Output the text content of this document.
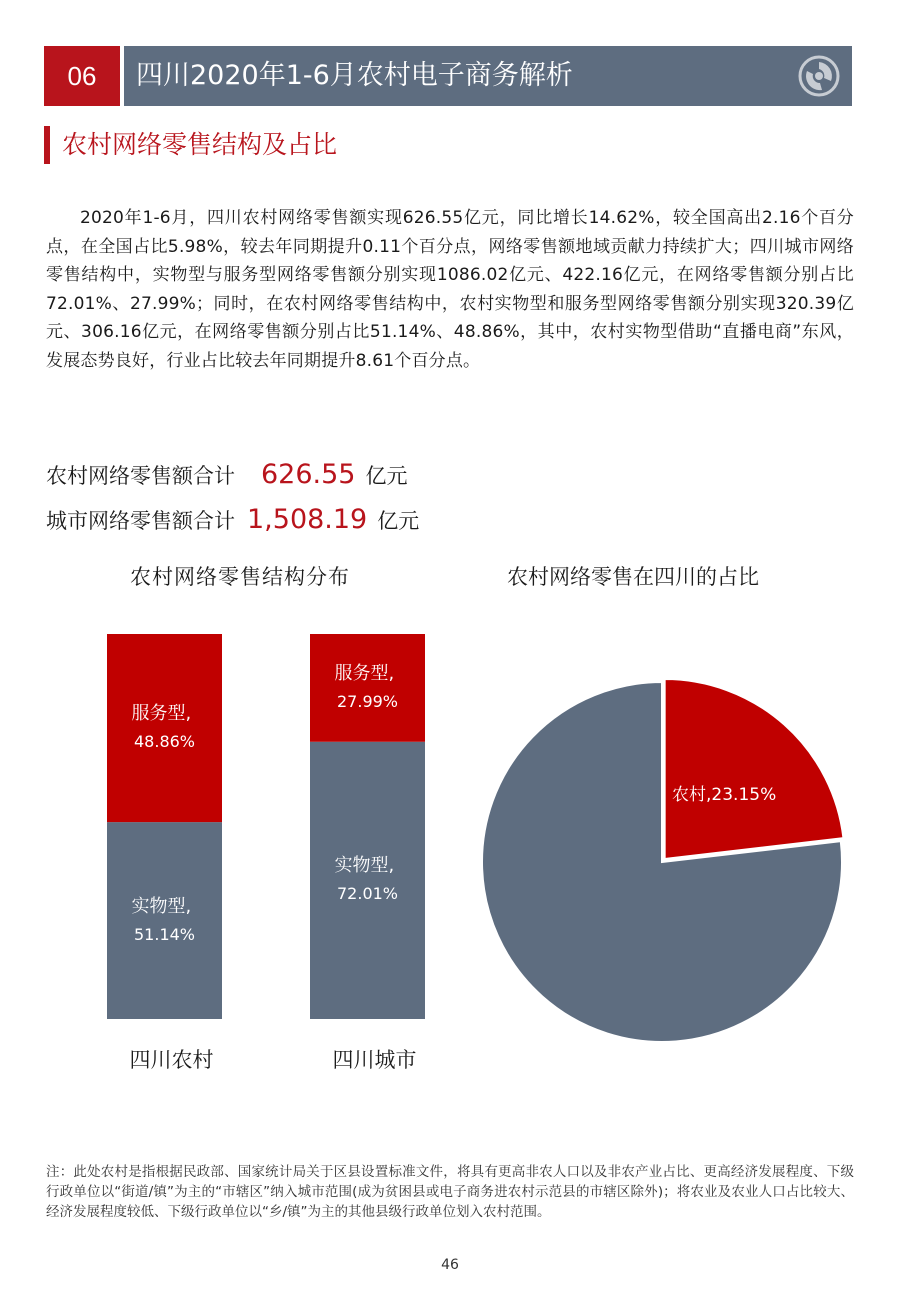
06	四川2020年1-6月农村电子商务解析
农村网络零售结构及占比
2020年1-6月，四川农村网络零售额实现626.55亿元，同比增长14.62%，较全国高出2.16个百分点，在全国占比5.98%，较去年同期提升0.11个百分点，网络零售额地域贡献力持续扩大；四川城市网络零售结构中，实物型与服务型网络零售额分别实现1086.02亿元、422.16亿元，在网络零售额分别占比72.01%、27.99%；同时，在农村网络零售结构中，农村实物型和服务型网络零售额分别实现320.39亿元、306.16亿元，在网络零售额分别占比51.14%、48.86%，其中，农村实物型借助“直播电商”东风，发展态势良好，行业占比较去年同期提升8.61个百分点。
农村网络零售额合计 626.55 亿元
城市网络零售额合计 1,508.19 亿元
农村网络零售结构分布	农村网络零售在四川的占比
实物型,
51.14%
服务型,
48.86%
四川农村
实物型,
72.01%
服务型,
27.99%
四川城市
农村,23.15%
注：此处农村是指根据民政部、国家统计局关于区县设置标准文件，将具有更高非农人口以及非农产业占比、更高经济发展程度、下级行政单位以“街道/镇”为主的“市辖区”纳入城市范围(成为贫困县或电子商务进农村示范县的市辖区除外)；将农业及农业人口占比较大、经济发展程度较低、下级行政单位以“乡/镇”为主的其他县级行政单位划入农村范围。
46
